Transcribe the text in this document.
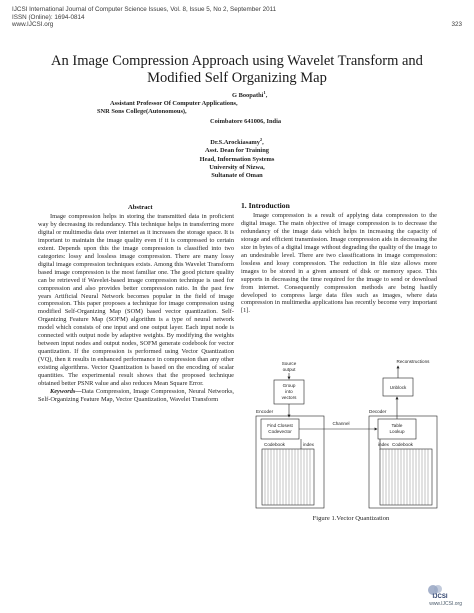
IJCSI International Journal of Computer Science Issues, Vol. 8, Issue 5, No 2, September 2011
ISSN (Online): 1694-0814
www.IJCSI.org	323
An Image Compression Approach using Wavelet Transform and
Modified Self Organizing Map
G Boopathi$^1$,
Assistant Professor Of Computer Applications,
SNR Sons College(Autonomous),
Coimbatore 641006, India
Dr.S.Arockiasamy$^2$,
Asst. Dean for Training
Head, Information Systems
University of Nizwa,
Sultanate of Oman
Abstract

Image compression helps in storing the transmitted data in proficient way by decreasing its redundancy. This technique helps in transferring more digital or multimedia data over internet as it increases the storage space. It is important to maintain the image quality even if it is compressed to certain extent. Depends upon this the image compression is classified into two categories: lossy and lossless image compression. There are many lossy digital image compression techniques exists. Among this Wavelet Transform based image compression is the most familiar one. The good picture quality can be retrieved if Wavelet-based image compression technique is used for compression and also provides better compression ratio. In the past few years Artificial Neural Network becomes popular in the field of image compression. This paper proposes a technique for image compression using modified Self-Organizing Map (SOM) based vector quantization. Self-Organizing Feature Map (SOFM) algorithm is a type of neural network model which consists of one input and one output layer. Each input node is connected with output node by adaptive weights. By modifying the weights between input nodes and output nodes, SOFM generate codebook for vector quantization. If the compression is performed using Vector Quantization (VQ), then it results in enhanced performance in compression than any other existing algorithms. Vector Quantization is based on the encoding of scalar quantities. The experimental result shows that the proposed technique obtained better PSNR value and also reduces Mean Square Error.

Keywords—Data Compression, Image Compression, Neural Networks, Self-Organizing Feature Map, Vector Quantization, Wavelet Transform

1. Introduction

Image compression is a result of applying data compression to the digital image. The main objective of image compression is to decrease the redundancy of the image data which helps in increasing the capacity of storage and efficient transmission. Image compression aids in decreasing the size in bytes of a digital image without degrading the quality of the image to an undesirable level. There are two classifications in image compression: lossless and lossy compression. The reduction in file size allows more images to be stored in a given amount of disk or memory space. This supports in decreasing the time required for the image to send or download from internet. Consequently compression methods are being hastily developed to compress large data files such as images, where data compression in multimedia applications has recently become very important [1].

Source
output
Group
into
vectors
Encoder
Find Closest
Codevector
Codebook	index
Channel
Decoder
Table
Lookup
index Codebook
Unblock
Reconstructions
Figure 1.Vector Quantization
IJCSI
www.IJCSI.org
